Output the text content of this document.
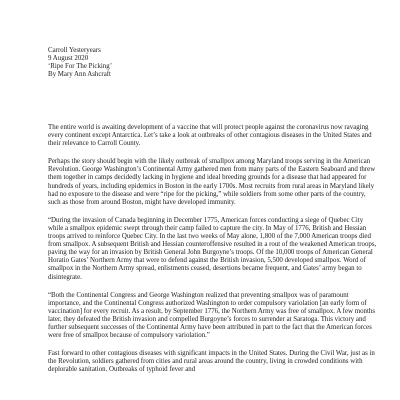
Carroll Yesteryears
9 August 2020
‘Ripe For The Picking’
By Mary Ann Ashcraft

The entire world is awaiting development of a vaccine that will protect people against the coronavirus now ravaging every continent except Antarctica. Let’s take a look at outbreaks of other contagious diseases in the United States and their relevance to Carroll County.

Perhaps the story should begin with the likely outbreak of smallpox among Maryland troops serving in the American Revolution. George Washington’s Continental Army gathered men from many parts of the Eastern Seaboard and threw them together in camps decidedly lacking in hygiene and ideal breeding grounds for a disease that had appeared for hundreds of years, including epidemics in Boston in the early 1700s. Most recruits from rural areas in Maryland likely had no exposure to the disease and were “ripe for the picking,” while soldiers from some other parts of the country, such as those from around Boston, might have developed immunity.

“During the invasion of Canada beginning in December 1775, American forces conducting a siege of Quebec City while a smallpox epidemic swept through their camp failed to capture the city. In May of 1776, British and Hessian troops arrived to reinforce Quebec City. In the last two weeks of May alone, 1,800 of the 7,000 American troops died from smallpox. A subsequent British and Hessian counteroffensive resulted in a rout of the weakened American troops, paving the way for an invasion by British General John Burgoyne’s troops. Of the 10,000 troops of American General Horatio Gates’ Northern Army that were to defend against the British invasion, 5,500 developed smallpox. Word of smallpox in the Northern Army spread, enlistments ceased, desertions became frequent, and Gates’ army began to disintegrate.

“Both the Continental Congress and George Washington realized that preventing smallpox was of paramount importance, and the Continental Congress authorized Washington to order compulsory variolation [an early form of vaccination] for every recruit. As a result, by September 1776, the Northern Army was free of smallpox. A few months later, they defeated the British invasion and compelled Burgoyne’s forces to surrender at Saratoga. This victory and further subsequent successes of the Continental Army have been attributed in part to the fact that the American forces were free of smallpox because of compulsory variolation.”

Fast forward to other contagious diseases with significant impacts in the United States. During the Civil War, just as in the Revolution, soldiers gathered from cities and rural areas around the country, living in crowded conditions with deplorable sanitation. Outbreaks of typhoid fever and
